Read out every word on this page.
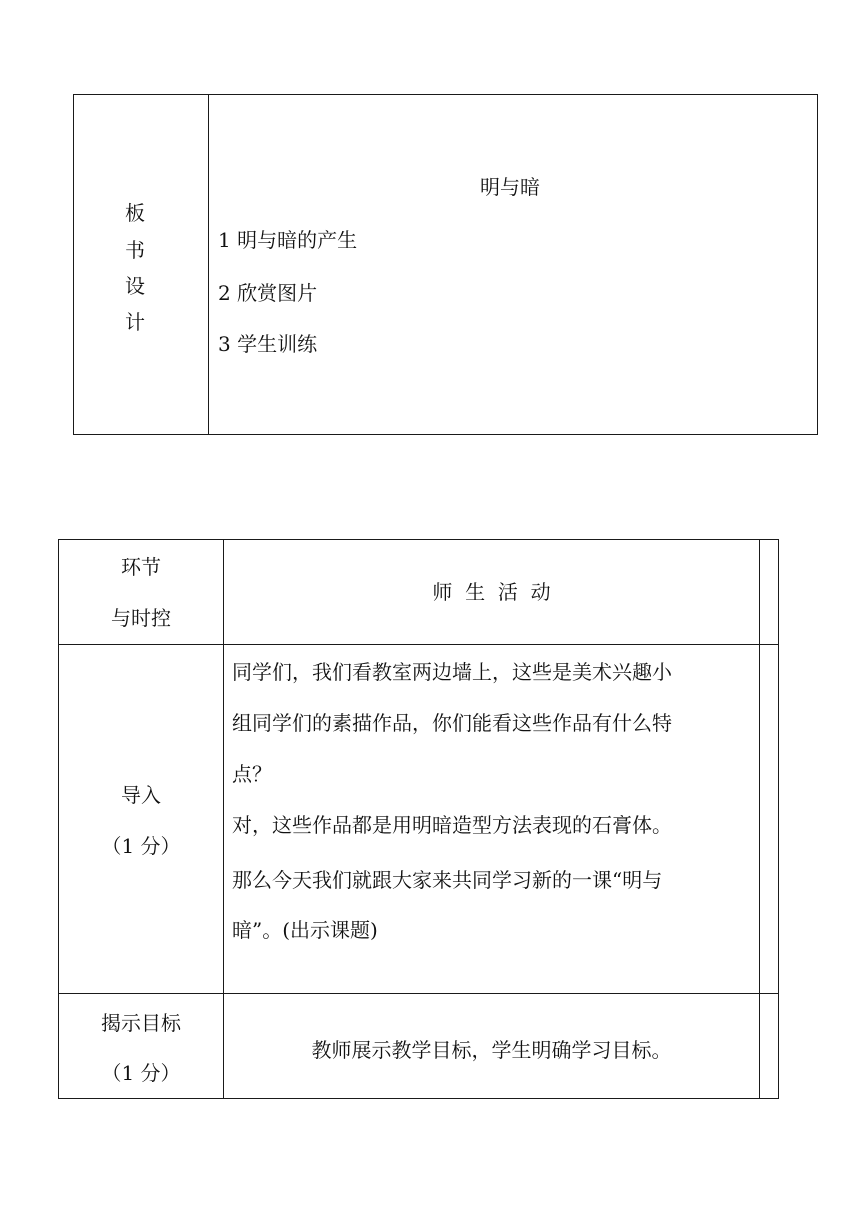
板
书
设
计
明与暗
1 明与暗的产生
2 欣赏图片
3 学生训练
环节
与时控
师  生  活  动
导入
（1 分）
同学们，我们看教室两边墙上，这些是美术兴趣小
组同学们的素描作品，你们能看这些作品有什么特
点？
对，这些作品都是用明暗造型方法表现的石膏体。
那么今天我们就跟大家来共同学习新的一课“明与
暗”。(出示课题)
揭示目标
（1 分）
教师展示教学目标，学生明确学习目标。
